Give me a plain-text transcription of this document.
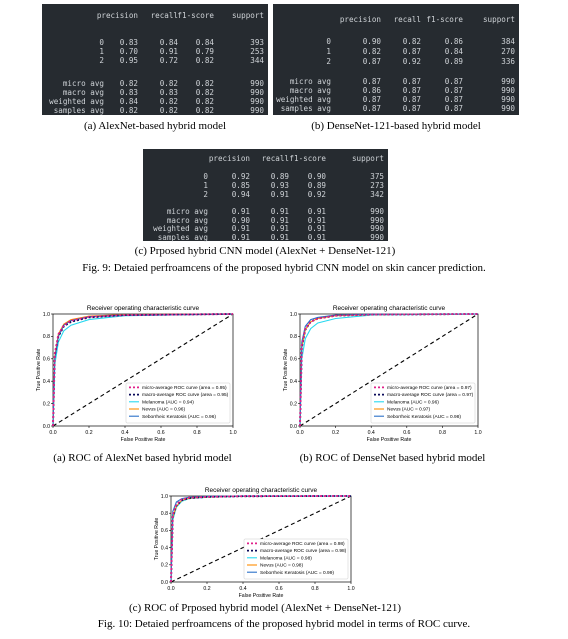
precision recall f1-score support
0 0.83	0.84 0.84	393
1 0.70	0.91 0.79	253
2 0.95	0.72 0.82	344
micro avg 0.82	0.82 0.82	990
macro avg 0.83	0.83 0.82	990
weighted avg 0.84	0.82 0.82	990
samples avg 0.82	0.82 0.82	990
precision recall f1-score	support
0	0.90	0.82	0.86	384
1	0.82	0.87	0.84	270
2	0.87	0.92	0.89	336
micro avg	0.87	0.87	0.87	990
macro avg	0.86	0.87	0.87	990
weighted avg	0.87	0.87	0.87	990
samples avg	0.87	0.87	0.87	990
precision recall f1-score	support
0	0.92	0.89 0.90	375
1	0.85	0.93 0.89	273
2	0.94	0.91 0.92	342
micro avg	0.91	0.91 0.91	990
macro avg	0.90	0.91 0.91	990
weighted avg	0.91	0.91 0.91	990
samples avg	0.91	0.91 0.91	990
(a) AlexNet-based hybrid model	(b) DenseNet-121-based hybrid model
(c) Prposed hybrid CNN model (AlexNet + DenseNet-121)
Fig. 9: Detaied perfroamcens of the proposed hybrid CNN model on skin cancer prediction.
Receiver operating characteristic curve
0.0	0.2	0.4	0.6	0.8	1.0
0.0
0.2
0.4
0.6
0.8
1.0
False Positive Rate
True Positive Rate	micro-average ROC curve (area = 0.95)
macro-average ROC curve (area = 0.95)
Melanoma (AUC = 0.94)
Nevus (AUC = 0.96)
Seborrheic Keratosis (AUC = 0.96)
Receiver operating characteristic curve
0.0	0.2	0.4	0.6	0.8	1.0
0.0
0.2
0.4
0.6
0.8
1.0
False Positive Rate
True Positive Rate	micro-average ROC curve (area = 0.97)
macro-average ROC curve (area = 0.97)
Melanoma (AUC = 0.96)
Nevus (AUC = 0.97)
Seborrheic Keratosis (AUC = 0.98)
Receiver operating characteristic curve
0.0	0.2	0.4	0.6	0.8	1.0
0.0
0.2
0.4
0.6
0.8
1.0
False Positive Rate
True Positive Rate	micro-average ROC curve (area = 0.98)
macro-average ROC curve (area = 0.98)
Melanoma (AUC = 0.98)
Nevus (AUC = 0.98)
Seborrheic Keratosis (AUC = 0.99)
(a) ROC of AlexNet based hybrid model	(b) ROC of DenseNet based hybrid model
(c) ROC of Prposed hybrid model (AlexNet + DenseNet-121)
Fig. 10: Detaied perfroamcens of the proposed hybrid model in terms of ROC curve.
